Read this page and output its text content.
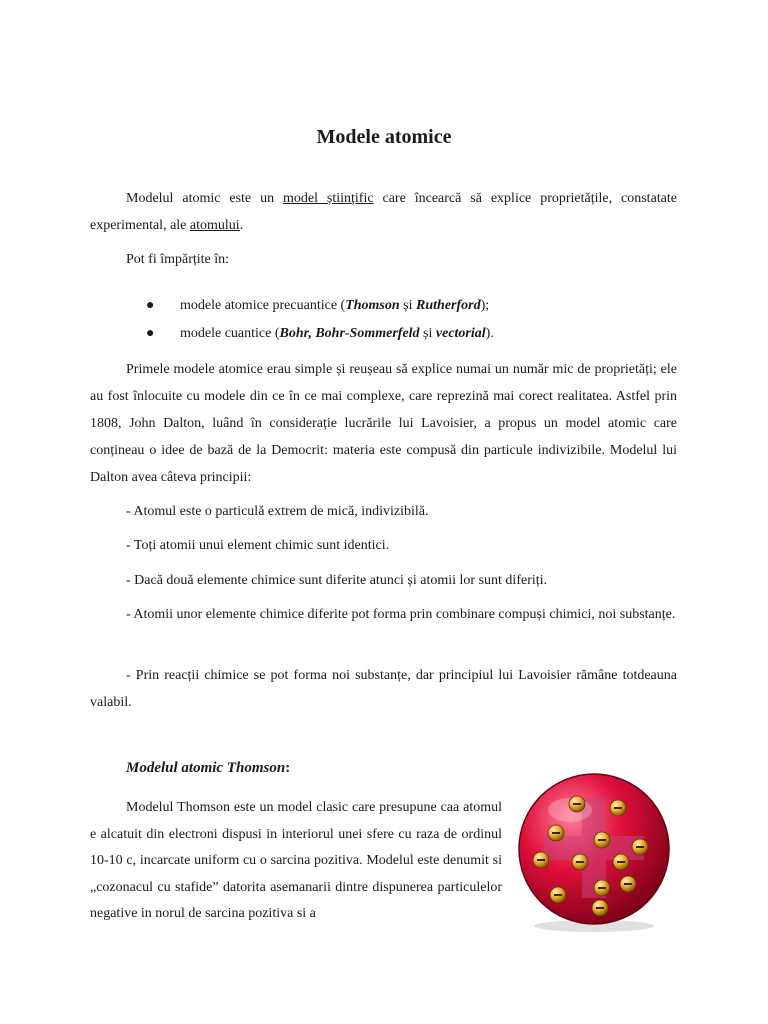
Modele atomice

Modelul atomic este un model științific care încearcă să explice proprietățile, constatate experimental, ale atomului.

Pot fi împărțite în:

● modele atomice precuantice (Thomson și Rutherford);
● modele cuantice (Bohr, Bohr-Sommerfeld și vectorial).

Primele modele atomice erau simple și reușeau să explice numai un număr mic de proprietăți; ele au fost înlocuite cu modele din ce în ce mai complexe, care reprezină mai corect realitatea. Astfel prin 1808, John Dalton, luând în considerație lucrările lui Lavoisier, a propus un model atomic care conțineau o idee de bază de la Democrit: materia este compusă din particule indivizibile. Modelul lui Dalton avea câteva principii:

- Atomul este o particulă extrem de mică, indivizibilă.

- Toți atomii unui element chimic sunt identici.

- Dacă două elemente chimice sunt diferite atunci și atomii lor sunt diferiți.

- Atomii unor elemente chimice diferite pot forma prin combinare compuși chimici, noi substanțe.

- Prin reacții chimice se pot forma noi substanțe, dar principiul lui Lavoisier rămâne totdeauna valabil.

Modelul atomic Thomson:

Modelul Thomson este un model clasic care presupune caa atomul e alcatuit din electroni dispusi in interiorul unei sfere cu raza de ordinul 10-10 c, incarcate uniform cu o sarcina pozitiva. Modelul este denumit si „cozonacul cu stafide” datorita asemanarii dintre dispunerea particulelor negative in norul de sarcina pozitiva si a
